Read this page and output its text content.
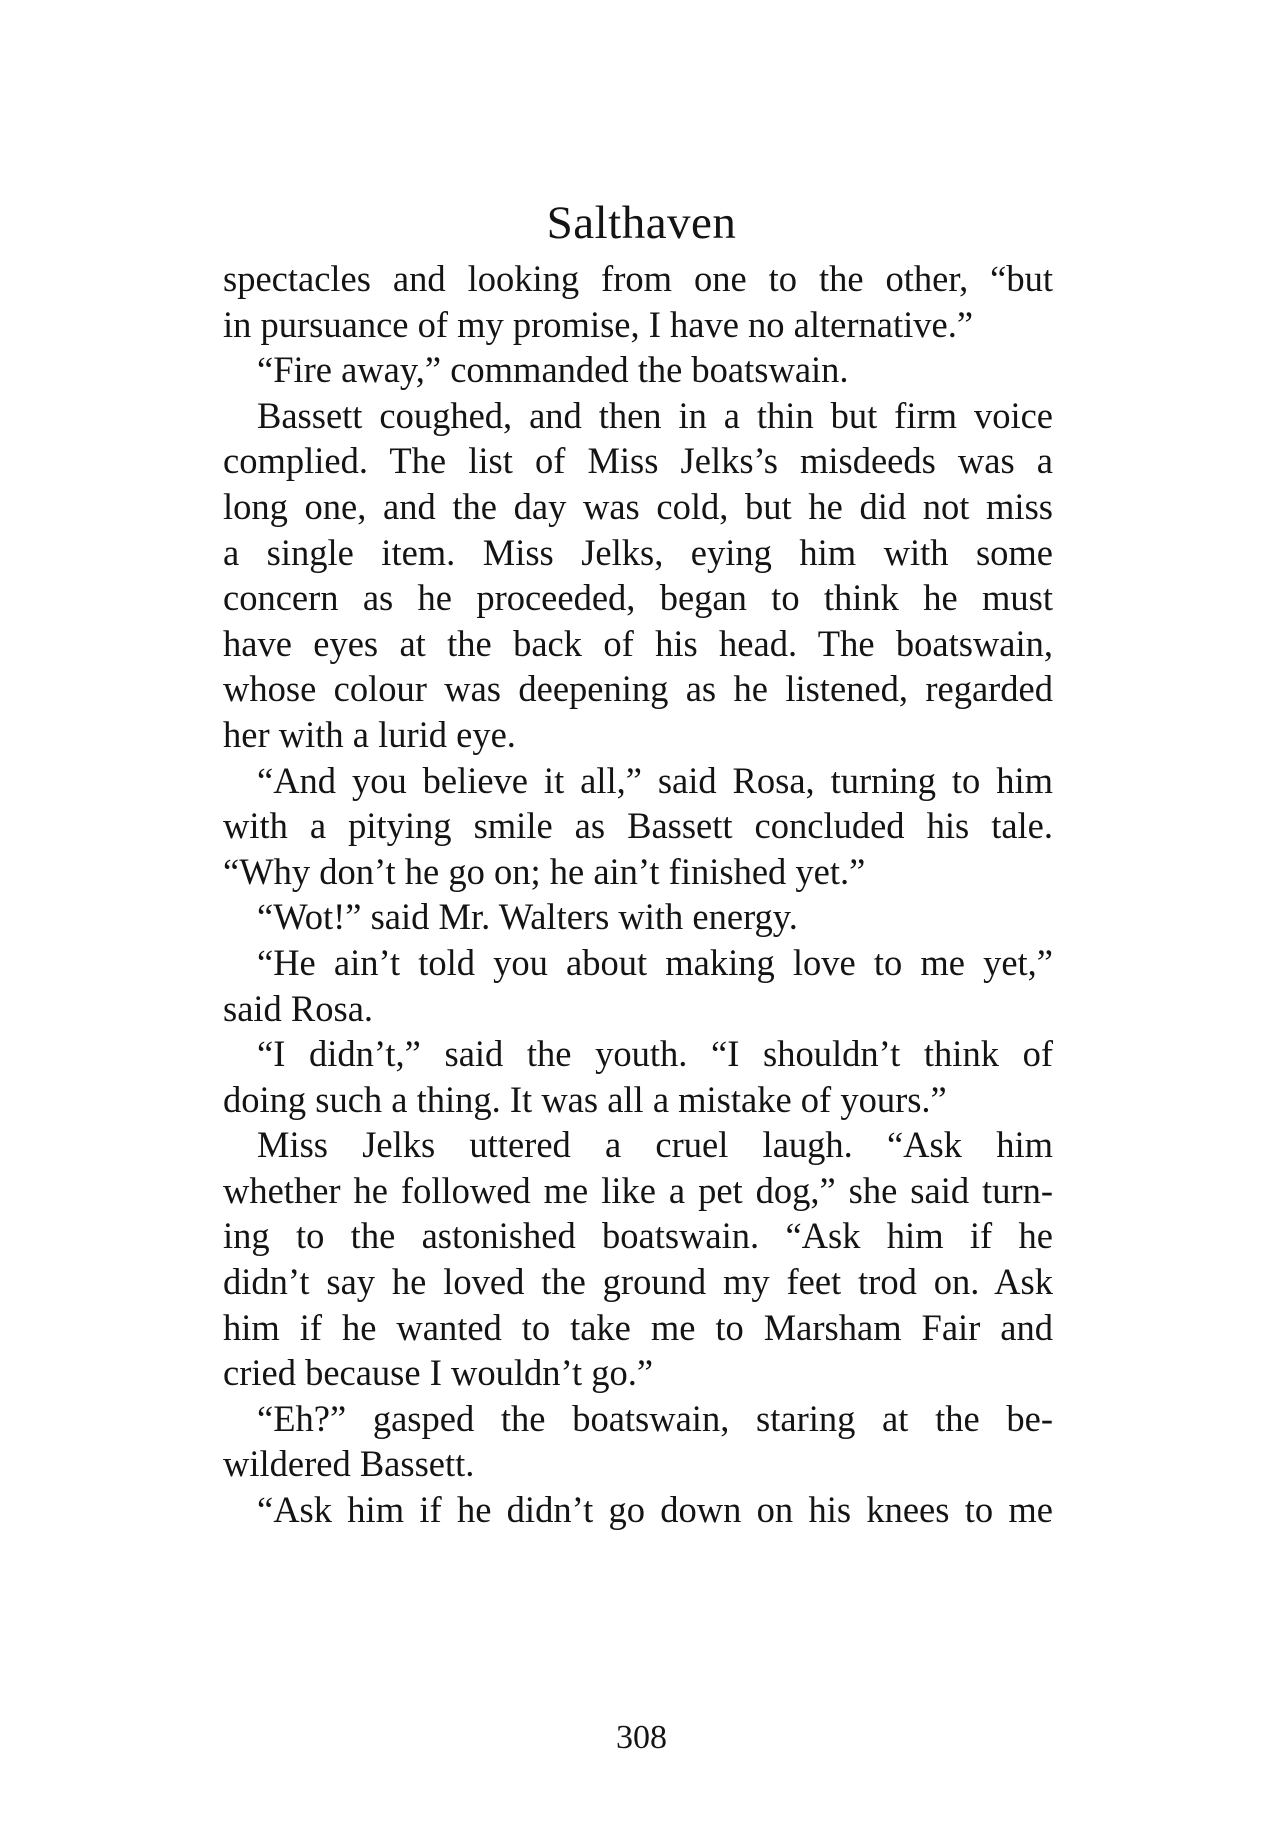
Salthaven
spectacles and looking from one to the other, “but
in pursuance of my promise, I have no alternative.”
“Fire away,” commanded the boatswain.
Bassett coughed, and then in a thin but firm voice
complied. The list of Miss Jelks’s misdeeds was a
long one, and the day was cold, but he did not miss
a single item. Miss Jelks, eying him with some
concern as he proceeded, began to think he must
have eyes at the back of his head. The boatswain,
whose colour was deepening as he listened, regarded
her with a lurid eye.
“And you believe it all,” said Rosa, turning to him
with a pitying smile as Bassett concluded his tale.
“Why don’t he go on; he ain’t finished yet.”
“Wot!” said Mr. Walters with energy.
“He ain’t told you about making love to me yet,”
said Rosa.
“I didn’t,” said the youth. “I shouldn’t think of
doing such a thing. It was all a mistake of yours.”
Miss Jelks uttered a cruel laugh. “Ask him
whether he followed me like a pet dog,” she said turn-
ing to the astonished boatswain. “Ask him if he
didn’t say he loved the ground my feet trod on. Ask
him if he wanted to take me to Marsham Fair and
cried because I wouldn’t go.”
“Eh?” gasped the boatswain, staring at the be-
wildered Bassett.
“Ask him if he didn’t go down on his knees to me
308
